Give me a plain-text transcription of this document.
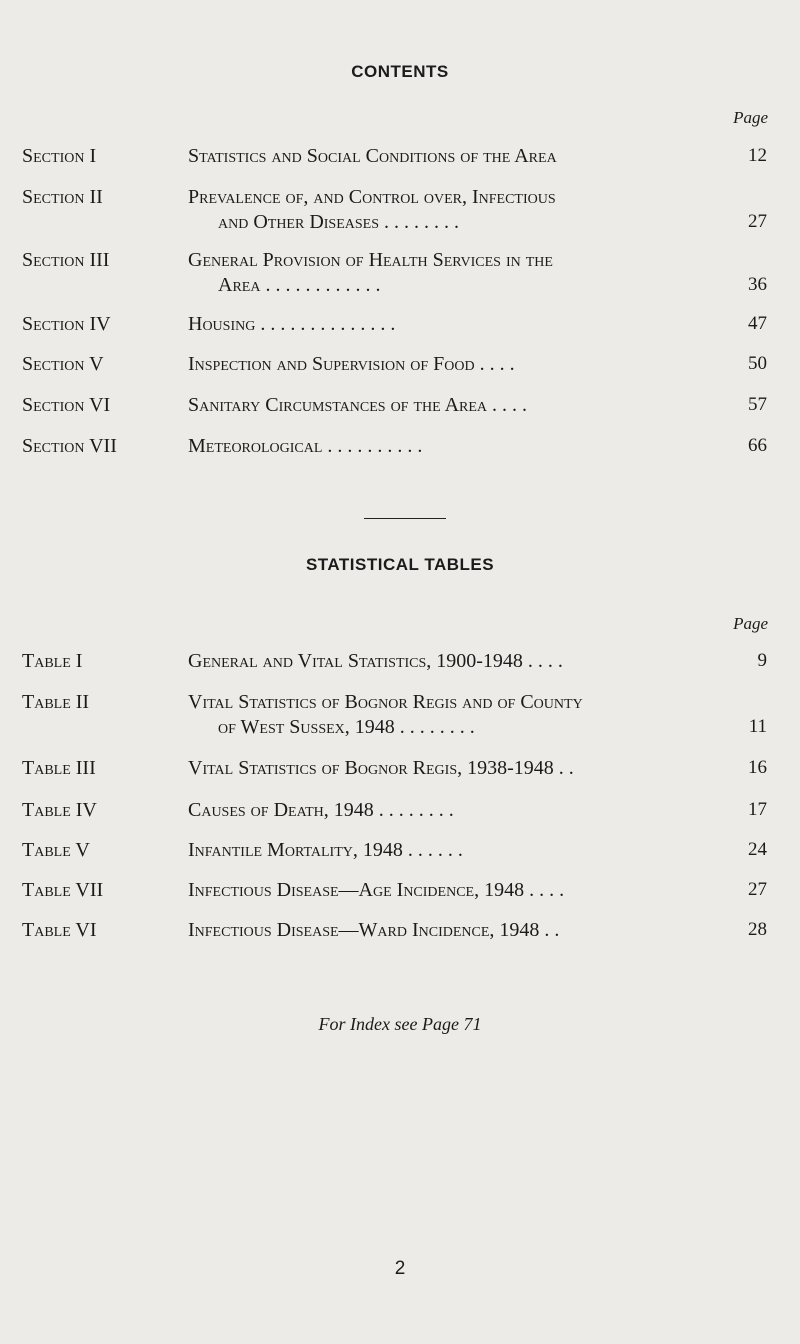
CONTENTS
Page
Section I	Statistics and Social Conditions of the Area	12
Section II	Prevalence of, and Control over, Infectious
and Other Diseases . . . . . . . .	27
Section III	General Provision of Health Services in the
Area . . . . . . . . . . . .	36
Section IV	Housing . . . . . . . . . . . . . .	47
Section V	Inspection and Supervision of Food . . . .	50
Section VI	Sanitary Circumstances of the Area . . . .	57
Section VII	Meteorological . . . . . . . . . .	66
STATISTICAL TABLES
Page
Table I	General and Vital Statistics, 1900-1948 . . . .	9
Table II	Vital Statistics of Bognor Regis and of County
of West Sussex, 1948 . . . . . . . .	11
Table III	Vital Statistics of Bognor Regis, 1938-1948 . .	16
Table IV	Causes of Death, 1948 . . . . . . . .	17
Table V	Infantile Mortality, 1948 . . . . . .	24
Table VII	Infectious Disease—Age Incidence, 1948 . . . .	27
Table VI	Infectious Disease—Ward Incidence, 1948 . .	28
For Index see Page 71
2
